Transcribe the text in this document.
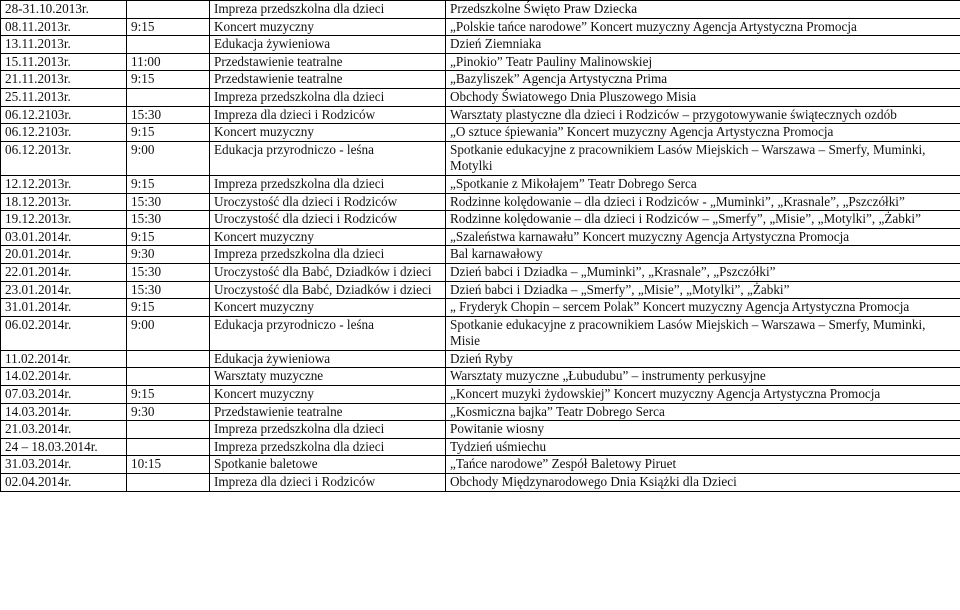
28-31.10.2013r.		Impreza przedszkolna dla dzieci	Przedszkolne Święto Praw Dziecka
08.11.2013r.	9:15	Koncert muzyczny	„Polskie tańce narodowe” Koncert muzyczny Agencja Artystyczna Promocja
13.11.2013r.		Edukacja żywieniowa	Dzień Ziemniaka
15.11.2013r.	11:00	Przedstawienie teatralne	„Pinokio” Teatr Pauliny Malinowskiej
21.11.2013r.	9:15	Przedstawienie teatralne	„Bazyliszek” Agencja Artystyczna Prima
25.11.2013r.		Impreza przedszkolna dla dzieci	Obchody Światowego Dnia Pluszowego Misia
06.12.2103r.	15:30	Impreza dla dzieci i Rodziców	Warsztaty plastyczne dla dzieci i Rodziców – przygotowywanie świątecznych ozdób
06.12.2103r.	9:15	Koncert muzyczny	„O sztuce śpiewania” Koncert muzyczny Agencja Artystyczna Promocja
06.12.2013r.	9:00	Edukacja przyrodniczo - leśna	Spotkanie edukacyjne z pracownikiem Lasów Miejskich – Warszawa – Smerfy, Muminki, Motylki
12.12.2013r.	9:15	Impreza przedszkolna dla dzieci	„Spotkanie z Mikołajem” Teatr Dobrego Serca
18.12.2013r.	15:30	Uroczystość dla dzieci i Rodziców	Rodzinne kolędowanie – dla dzieci i Rodziców - „Muminki”, „Krasnale”, „Pszczółki”
19.12.2013r.	15:30	Uroczystość dla dzieci i Rodziców	Rodzinne kolędowanie – dla dzieci i Rodziców – „Smerfy”, „Misie”, „Motylki”, „Żabki”
03.01.2014r.	9:15	Koncert muzyczny	„Szaleństwa karnawału” Koncert muzyczny Agencja Artystyczna Promocja
20.01.2014r.	9:30	Impreza przedszkolna dla dzieci	Bal karnawałowy
22.01.2014r.	15:30	Uroczystość dla Babć, Dziadków i dzieci	Dzień babci i Dziadka – „Muminki”, „Krasnale”, „Pszczółki”
23.01.2014r.	15:30	Uroczystość dla Babć, Dziadków i dzieci	Dzień babci i Dziadka – „Smerfy”, „Misie”, „Motylki”, „Żabki”
31.01.2014r.	9:15	Koncert muzyczny	„ Fryderyk Chopin – sercem Polak” Koncert muzyczny Agencja Artystyczna Promocja
06.02.2014r.	9:00	Edukacja przyrodniczo - leśna	Spotkanie edukacyjne z pracownikiem Lasów Miejskich – Warszawa – Smerfy, Muminki, Misie
11.02.2014r.		Edukacja żywieniowa	Dzień Ryby
14.02.2014r.		Warsztaty muzyczne	Warsztaty muzyczne „Łubudubu” – instrumenty perkusyjne
07.03.2014r.	9:15	Koncert muzyczny	„Koncert muzyki żydowskiej” Koncert muzyczny Agencja Artystyczna Promocja
14.03.2014r.	9:30	Przedstawienie teatralne	„Kosmiczna bajka” Teatr Dobrego Serca
21.03.2014r.		Impreza przedszkolna dla dzieci	Powitanie wiosny
24 – 18.03.2014r.		Impreza przedszkolna dla dzieci	Tydzień uśmiechu
31.03.2014r.	10:15	Spotkanie baletowe	„Tańce narodowe” Zespół Baletowy Piruet
02.04.2014r.		Impreza dla dzieci i Rodziców	Obchody Międzynarodowego Dnia Książki dla Dzieci
